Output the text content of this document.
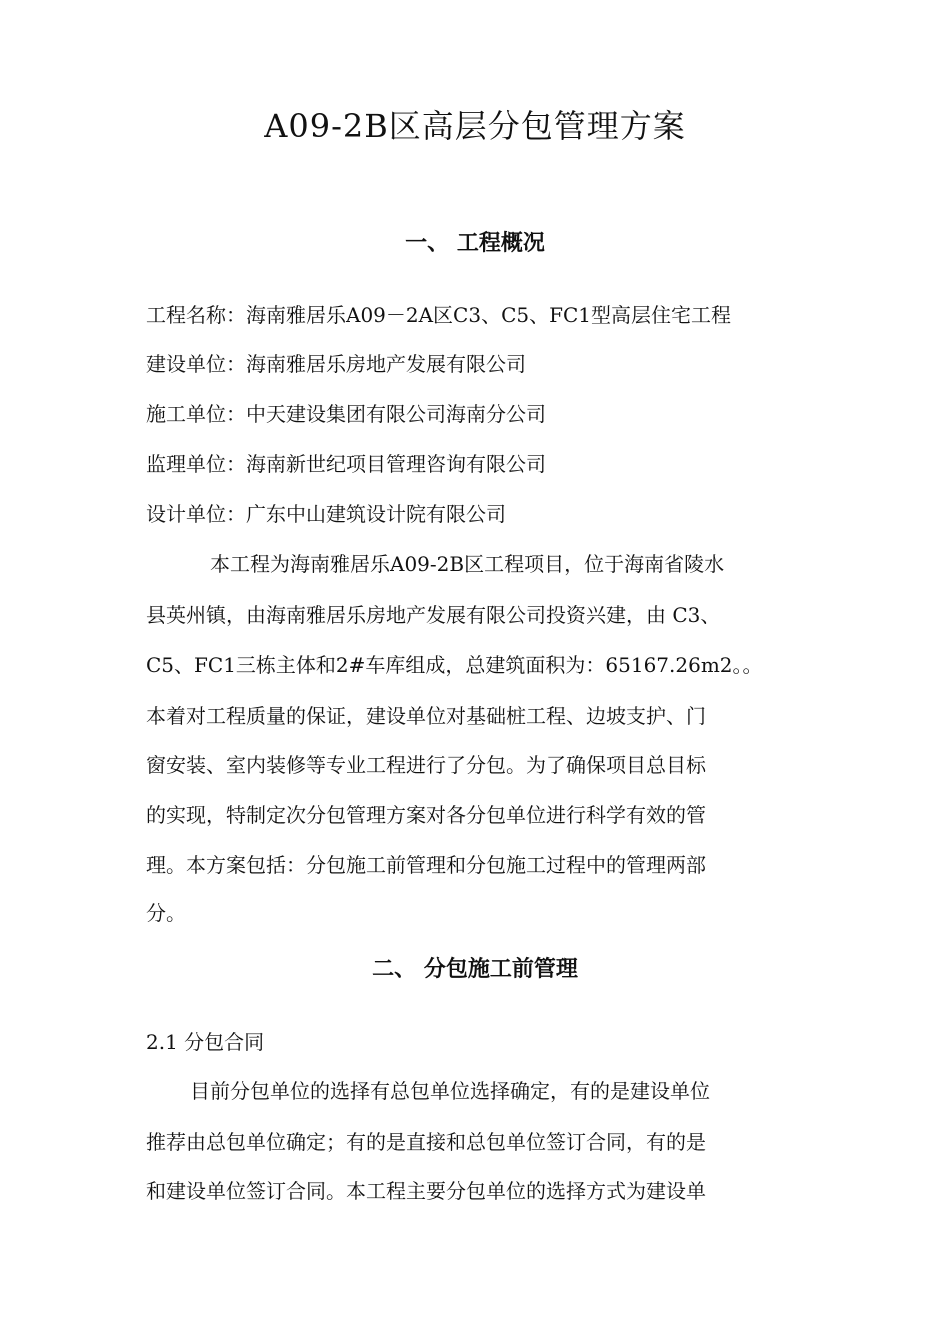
A09-2B区高层分包管理方案
一、 工程概况
工程名称：海南雅居乐A09－2A区C3、C5、FC1型高层住宅工程
建设单位：海南雅居乐房地产发展有限公司
施工单位：中天建设集团有限公司海南分公司
监理单位：海南新世纪项目管理咨询有限公司
设计单位：广东中山建筑设计院有限公司
本工程为海南雅居乐A09-2B区工程项目，位于海南省陵水
县英州镇，由海南雅居乐房地产发展有限公司投资兴建，由 C3、
C5、FC1三栋主体和2#车库组成，总建筑面积为：65167.26m2。。
本着对工程质量的保证，建设单位对基础桩工程、边坡支护、门
窗安装、室内装修等专业工程进行了分包。为了确保项目总目标
的实现，特制定次分包管理方案对各分包单位进行科学有效的管
理。本方案包括：分包施工前管理和分包施工过程中的管理两部
分。
二、 分包施工前管理
2.1 分包合同
目前分包单位的选择有总包单位选择确定，有的是建设单位
推荐由总包单位确定；有的是直接和总包单位签订合同，有的是
和建设单位签订合同。本工程主要分包单位的选择方式为建设单
